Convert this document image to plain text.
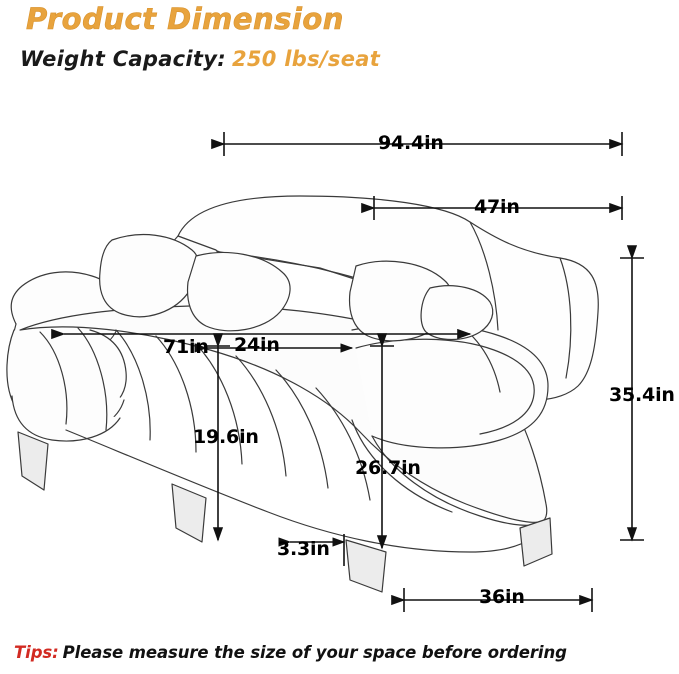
Product Dimension
Weight Capacity: 250 lbs/seat
94.4in
47in
35.4in
71in 24in
19.6in
26.7in
3.3in
36in
Tips: Please measure the size of your space before ordering
